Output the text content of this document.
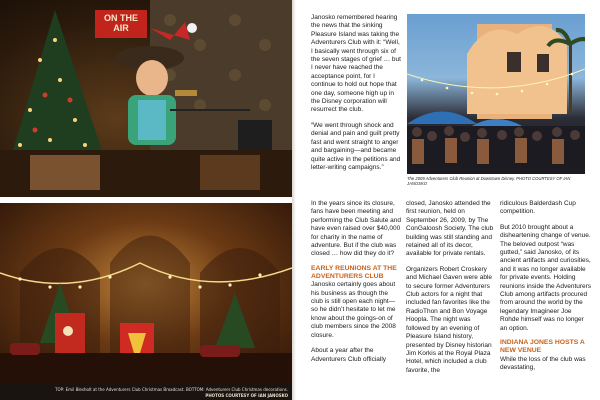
ON THE AIR
TOP: Emil Blesholt at the Adventurers Club Christmas Broadcast. BOTTOM: Adventurers Club Christmas decorations.
PHOTOS COURTESY OF IAN JANOSKO

Janosko remembered hearing the news that the sinking Pleasure Island was taking the Adventurers Club with it: “Well, I basically went through six of the seven stages of grief … but I never have reached the acceptance point, for I continue to hold out hope that one day, someone high up in the Disney corporation will resurrect the club.

“We went through shock and denial and pain and guilt pretty fast and went straight to anger and bargaining—and became quite active in the petitions and letter-writing campaigns.”

The 2009 Adventurers Club Reunion at Downtown Disney. PHOTO COURTESY OF IAN JANOSKO

In the years since its closure, fans have been meeting and performing the Club Salute and have even raised over $40,000 for charity in the name of adventure. But if the club was closed … how did they do it?

EARLY REUNIONS AT THE ADVENTURERS CLUB

Janosko certainly goes about his business as though the club is still open each night—so he didn’t hesitate to let me know about the goings-on of club members since the 2008 closure.

About a year after the Adventurers Club officially

closed, Janosko attended the first reunion, held on September 26, 2009, by The ConGaloosh Society. The club building was still standing and retained all of its decor, available for private rentals.

Organizers Robert Croskery and Michael Gaven were able to secure former Adventurers Club actors for a night that included fan favorites like the RadioThon and Bon Voyage Hoopla. The night was followed by an evening of Pleasure Island history, presented by Disney historian Jim Korkis at the Royal Plaza Hotel, which included a club favorite, the

ridiculous Balderdash Cup competition.

But 2010 brought about a disheartening change of venue. The beloved outpost “was gutted,” said Janosko, of its ancient artifacts and curiosities, and it was no longer available for private events. Holding reunions inside the Adventurers Club among artifacts procured from around the world by the legendary Imagineer Joe Rohde himself was no longer an option.

INDIANA JONES HOSTS A NEW VENUE

While the loss of the club was devastating,
